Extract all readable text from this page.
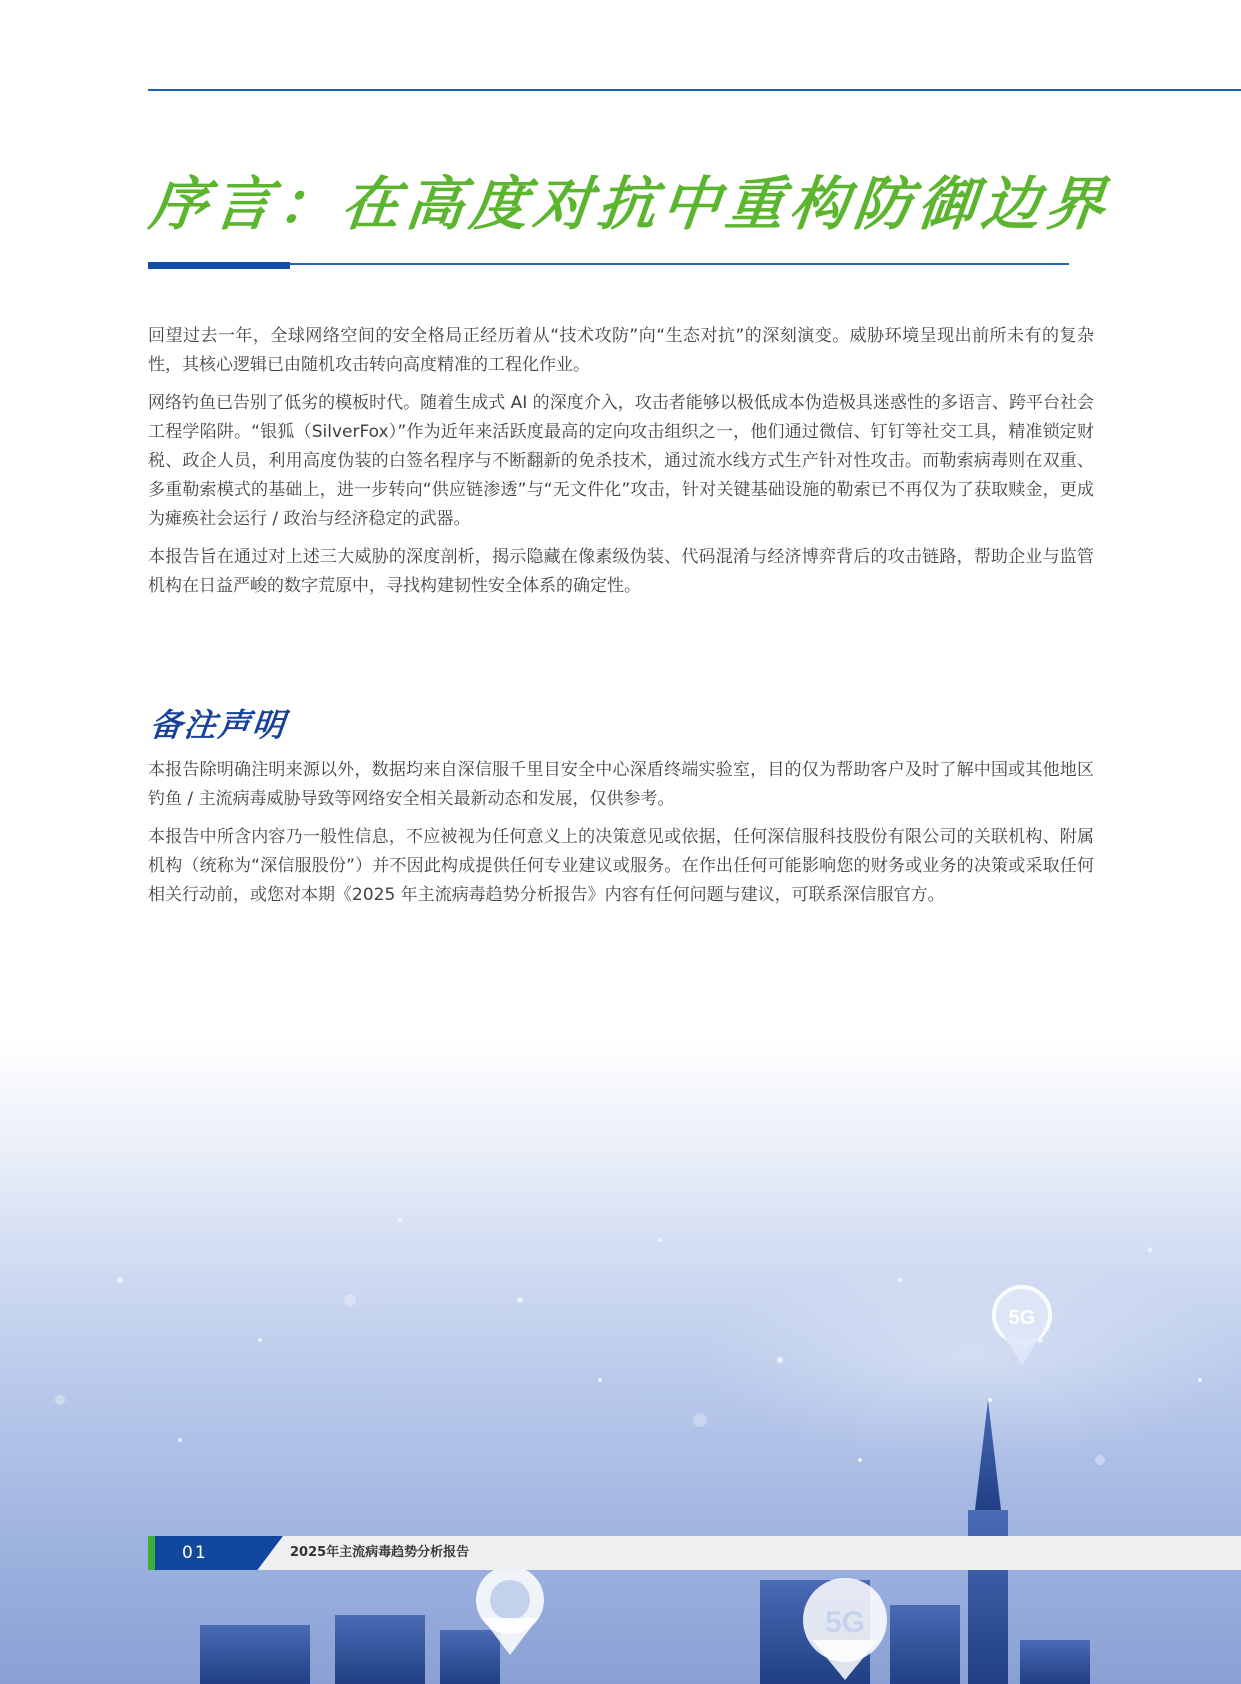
序言：在高度对抗中重构防御边界

回望过去一年，全球网络空间的安全格局正经历着从“技术攻防”向“生态对抗”的深刻演变。威胁环境呈现出前所未有的复杂性，其核心逻辑已由随机攻击转向高度精准的工程化作业。

网络钓鱼已告别了低劣的模板时代。随着生成式 AI 的深度介入，攻击者能够以极低成本伪造极具迷惑性的多语言、跨平台社会工程学陷阱。“银狐（SilverFox）”作为近年来活跃度最高的定向攻击组织之一，他们通过微信、钉钉等社交工具，精准锁定财税、政企人员，利用高度伪装的白签名程序与不断翻新的免杀技术，通过流水线方式生产针对性攻击。而勒索病毒则在双重、多重勒索模式的基础上，进一步转向“供应链渗透”与“无文件化”攻击，针对关键基础设施的勒索已不再仅为了获取赎金，更成为瘫痪社会运行 / 政治与经济稳定的武器。

本报告旨在通过对上述三大威胁的深度剖析，揭示隐藏在像素级伪装、代码混淆与经济博弈背后的攻击链路，帮助企业与监管机构在日益严峻的数字荒原中，寻找构建韧性安全体系的确定性。

备注声明

本报告除明确注明来源以外，数据均来自深信服千里目安全中心深盾终端实验室，目的仅为帮助客户及时了解中国或其他地区钓鱼 / 主流病毒威胁导致等网络安全相关最新动态和发展，仅供参考。

本报告中所含内容乃一般性信息，不应被视为任何意义上的决策意见或依据，任何深信服科技股份有限公司的关联机构、附属机构（统称为“深信服股份”）并不因此构成提供任何专业建议或服务。在作出任何可能影响您的财务或业务的决策或采取任何相关行动前，或您对本期《2025 年主流病毒趋势分析报告》内容有任何问题与建议，可联系深信服官方。

5G
5G
01	2025年主流病毒趋势分析报告
